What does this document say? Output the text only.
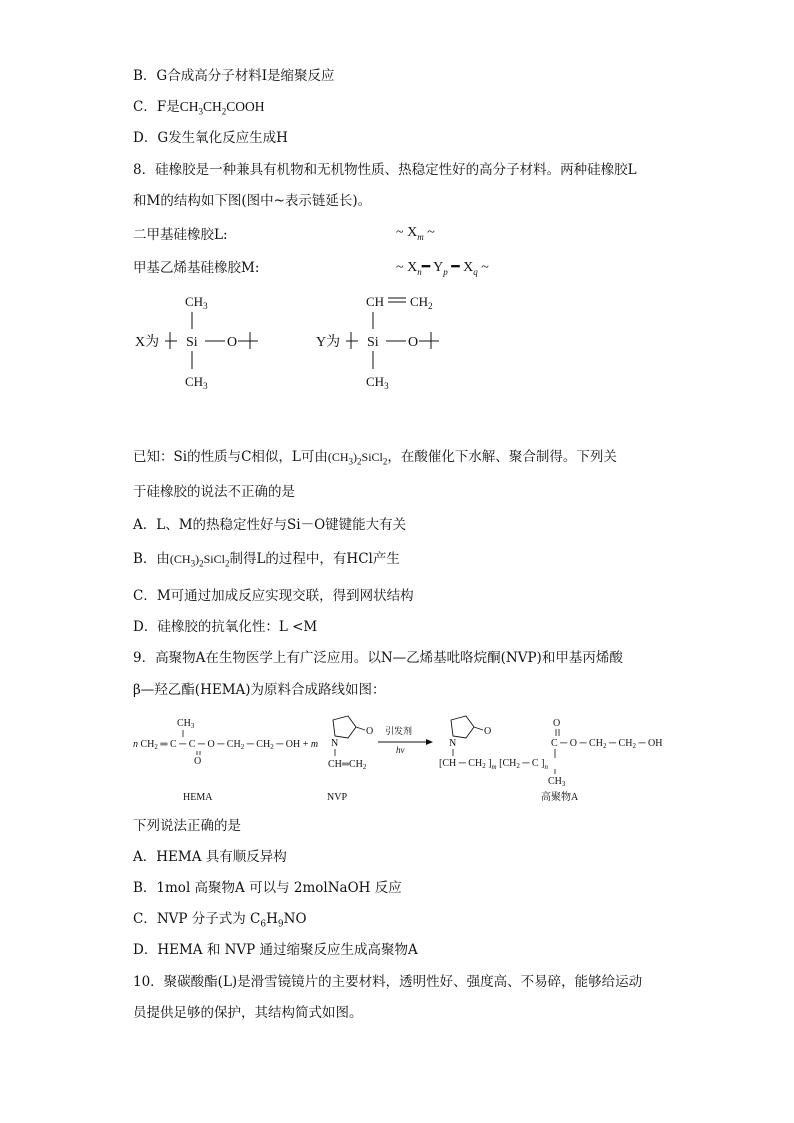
B．G合成高分子材料I是缩聚反应
C．F是$CH_3CH_2COOH$
D．G发生氧化反应生成H
8．硅橡胶是一种兼具有机物和无机物性质、热稳定性好的高分子材料。两种硅橡胶L
和M的结构如下图(图中~表示链延长)。
二甲基硅橡胶L:	~ $X_m$ ~
甲基乙烯基硅橡胶M:	~ $X_n━$ $Y_p$ ━ $X_q$ ~
X为
$CH_3$
Si O
$CH_3$
Y为
CH $CH_2$
Si O
$CH_3$
已知：Si的性质与C相似，L可由$(CH_3)_2SiCl_2$，在酸催化下水解、聚合制得。下列关
于硅橡胶的说法不正确的是
A．L、M的热稳定性好与Si－O键键能大有关
B．由$(CH_3)_2SiCl_2$制得L的过程中，有HCl产生
C．M可通过加成反应实现交联，得到网状结构
D．硅橡胶的抗氧化性：L <M
9．高聚物A在生物医学上有广泛应用。以N—乙烯基吡咯烷酮(NVP)和甲基丙烯酸
β—羟乙酯(HEMA)为原料合成路线如图：
$CH_3$
n $CH_2$ ═ C ─ C ─ O ─ $CH_2$ ─ $CH_2$ ─ OH + m
O
N
O
$CH═CH_2$
引发剂
hv
N
O
[CH ─ $CH_2$ ]$_m$ [$CH_2$ ─ C ]$_n$
O
C ─ O ─ $CH_2$ ─ $CH_2$ ─ OH
$CH_3$
HEMA	NVP	高聚物A
下列说法正确的是
A．HEMA 具有顺反异构
B．1mol 高聚物A 可以与 2molNaOH 反应
C．NVP 分子式为 $C_6H_9NO$
D．HEMA 和 NVP 通过缩聚反应生成高聚物A
10．聚碳酸酯(L)是滑雪镜镜片的主要材料，透明性好、强度高、不易碎，能够给运动
员提供足够的保护，其结构简式如图。
